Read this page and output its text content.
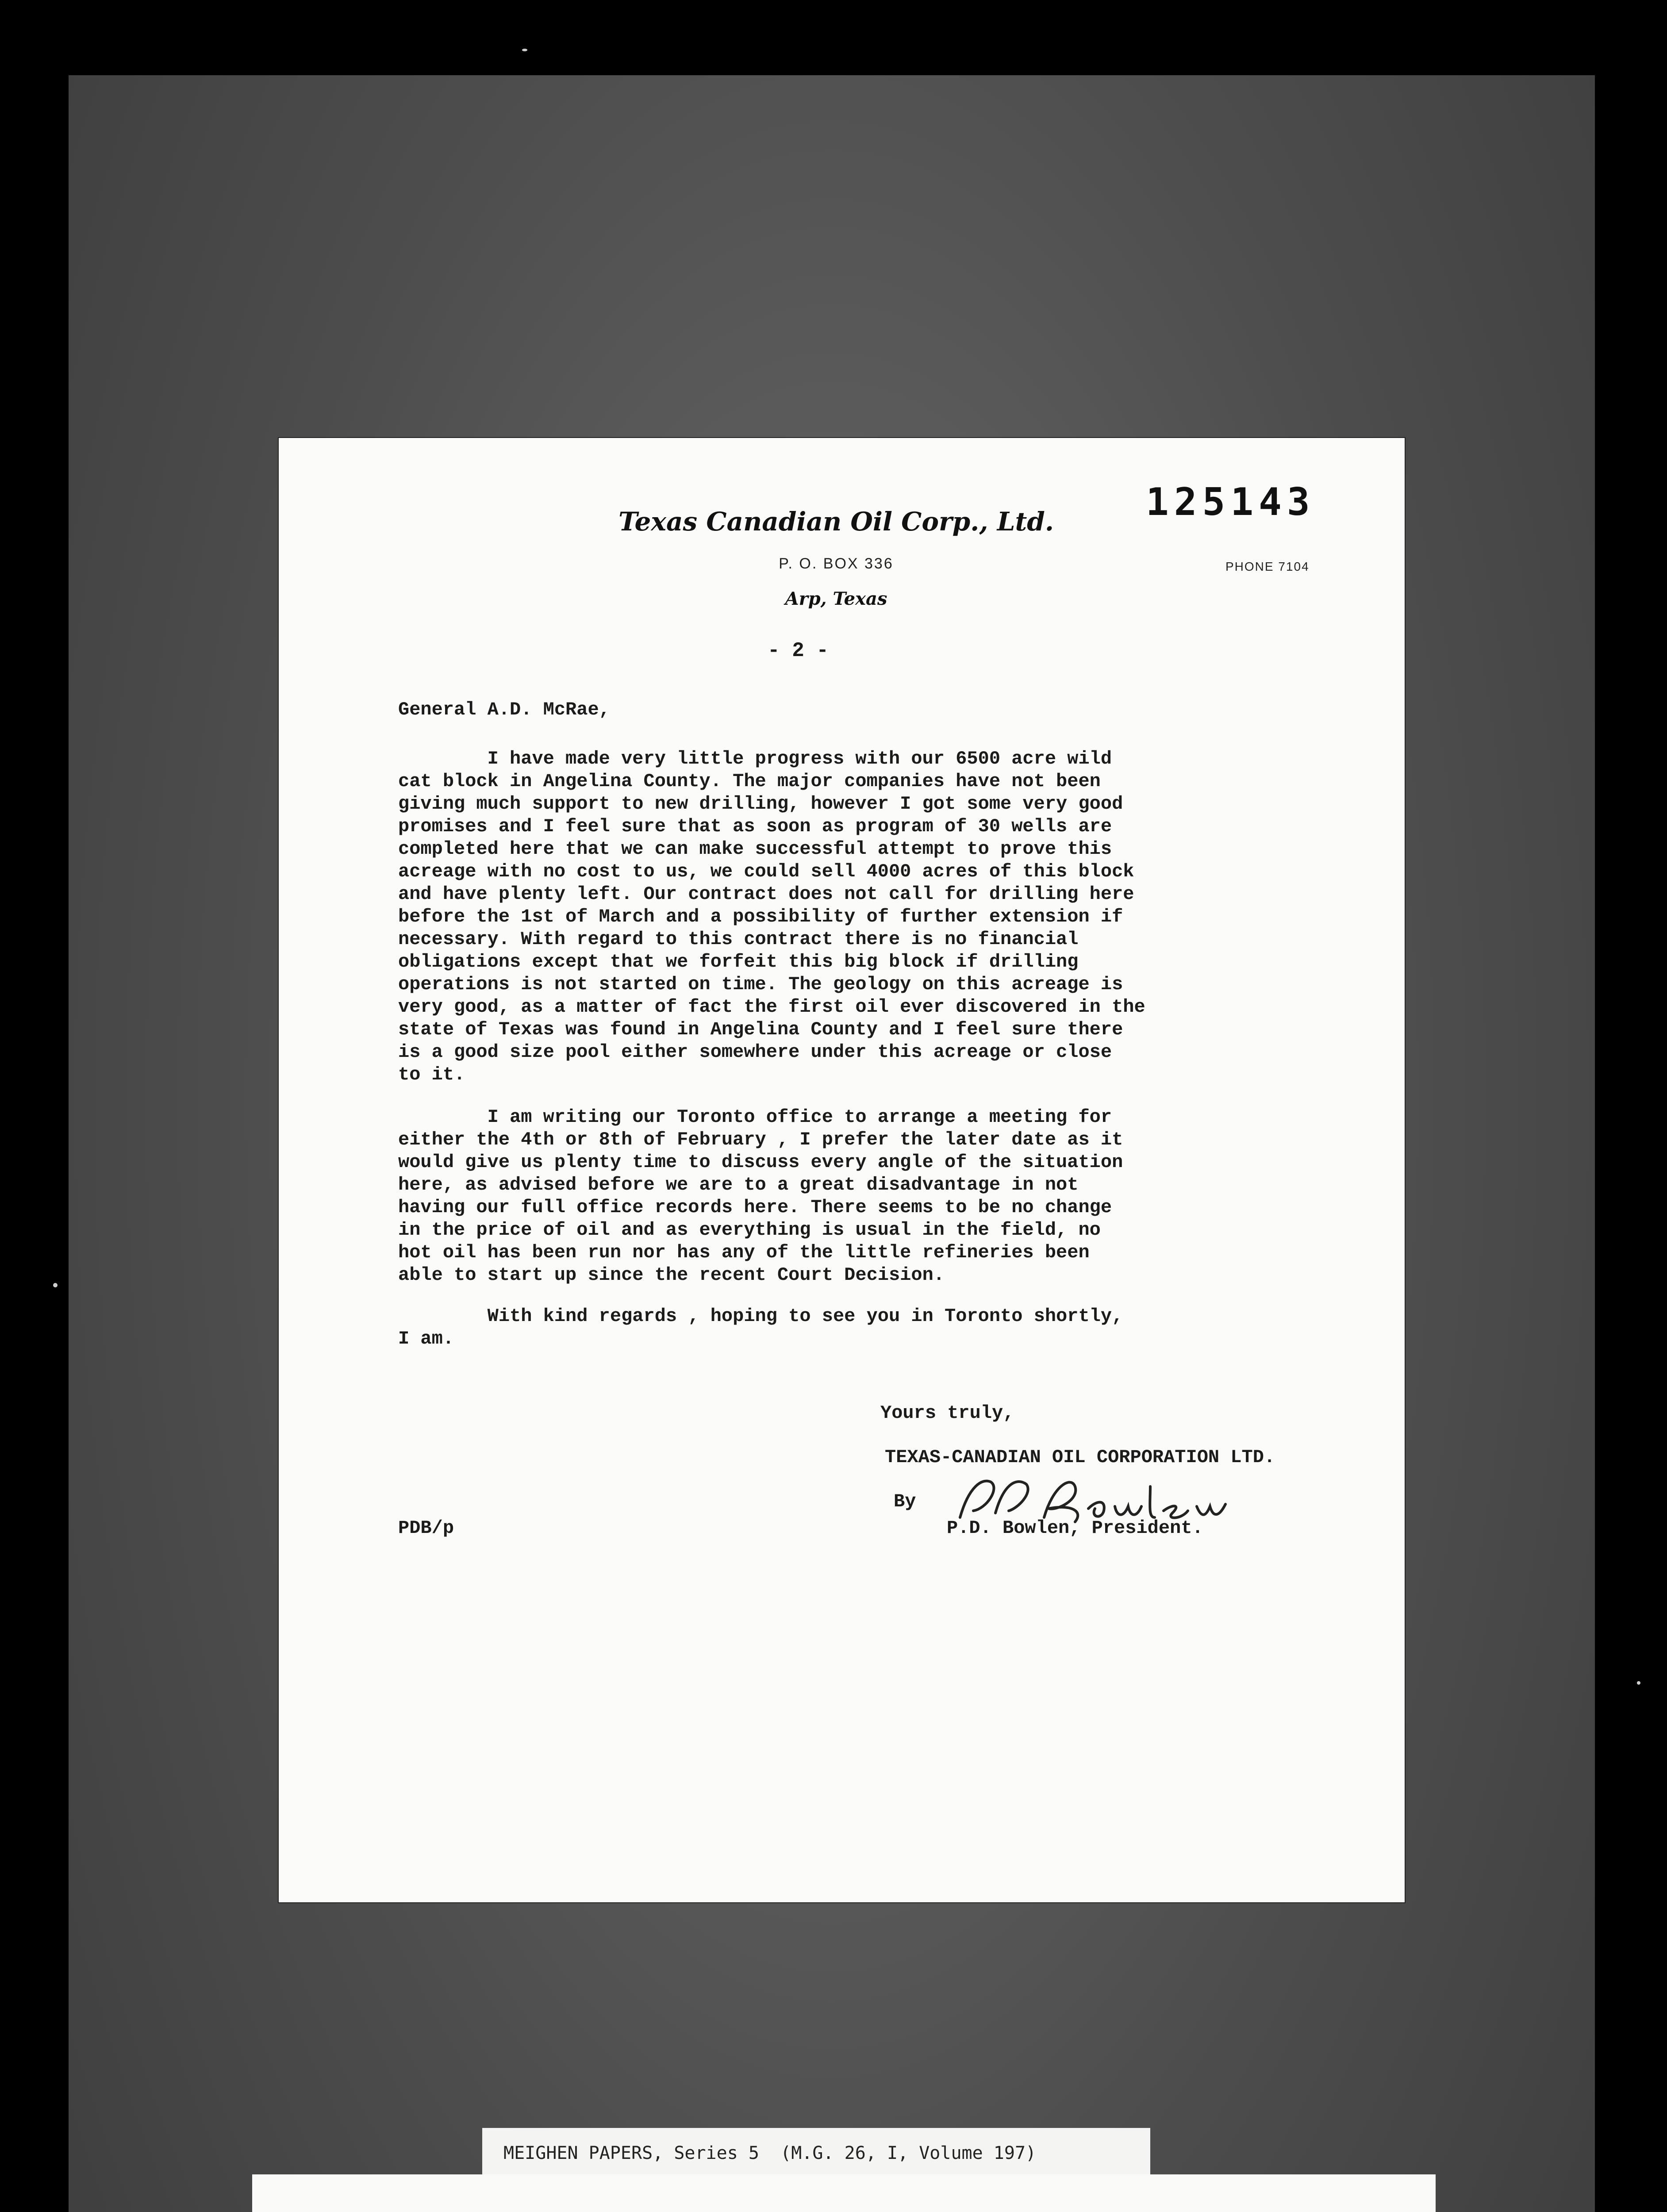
125143
Texas Canadian Oil Corp., Ltd.
P. O. BOX 336	PHONE 7104
Arp, Texas
- 2 -
General A.D. McRae,
I have made very little progress with our 6500 acre wild
cat block in Angelina County. The major companies have not been
giving much support to new drilling, however I got some very good
promises and I feel sure that as soon as program of 30 wells are
completed here that we can make successful attempt to prove this
acreage with no cost to us, we could sell 4000 acres of this block
and have plenty left. Our contract does not call for drilling here
before the 1st of March and a possibility of further extension if
necessary. With regard to this contract there is no financial
obligations except that we forfeit this big block if drilling
operations is not started on time. The geology on this acreage is
very good, as a matter of fact the first oil ever discovered in the
state of Texas was found in Angelina County and I feel sure there
is a good size pool either somewhere under this acreage or close
to it.
I am writing our Toronto office to arrange a meeting for
either the 4th or 8th of February , I prefer the later date as it
would give us plenty time to discuss every angle of the situation
here, as advised before we are to a great disadvantage in not
having our full office records here. There seems to be no change
in the price of oil and as everything is usual in the field, no
hot oil has been run nor has any of the little refineries been
able to start up since the recent Court Decision.
With kind regards , hoping to see you in Toronto shortly,
I am.
Yours truly,
TEXAS-CANADIAN OIL CORPORATION LTD.
By
P.D. Bowlen, President.
PDB/p
MEIGHEN PAPERS, Series 5  (M.G. 26, I, Volume 197)
